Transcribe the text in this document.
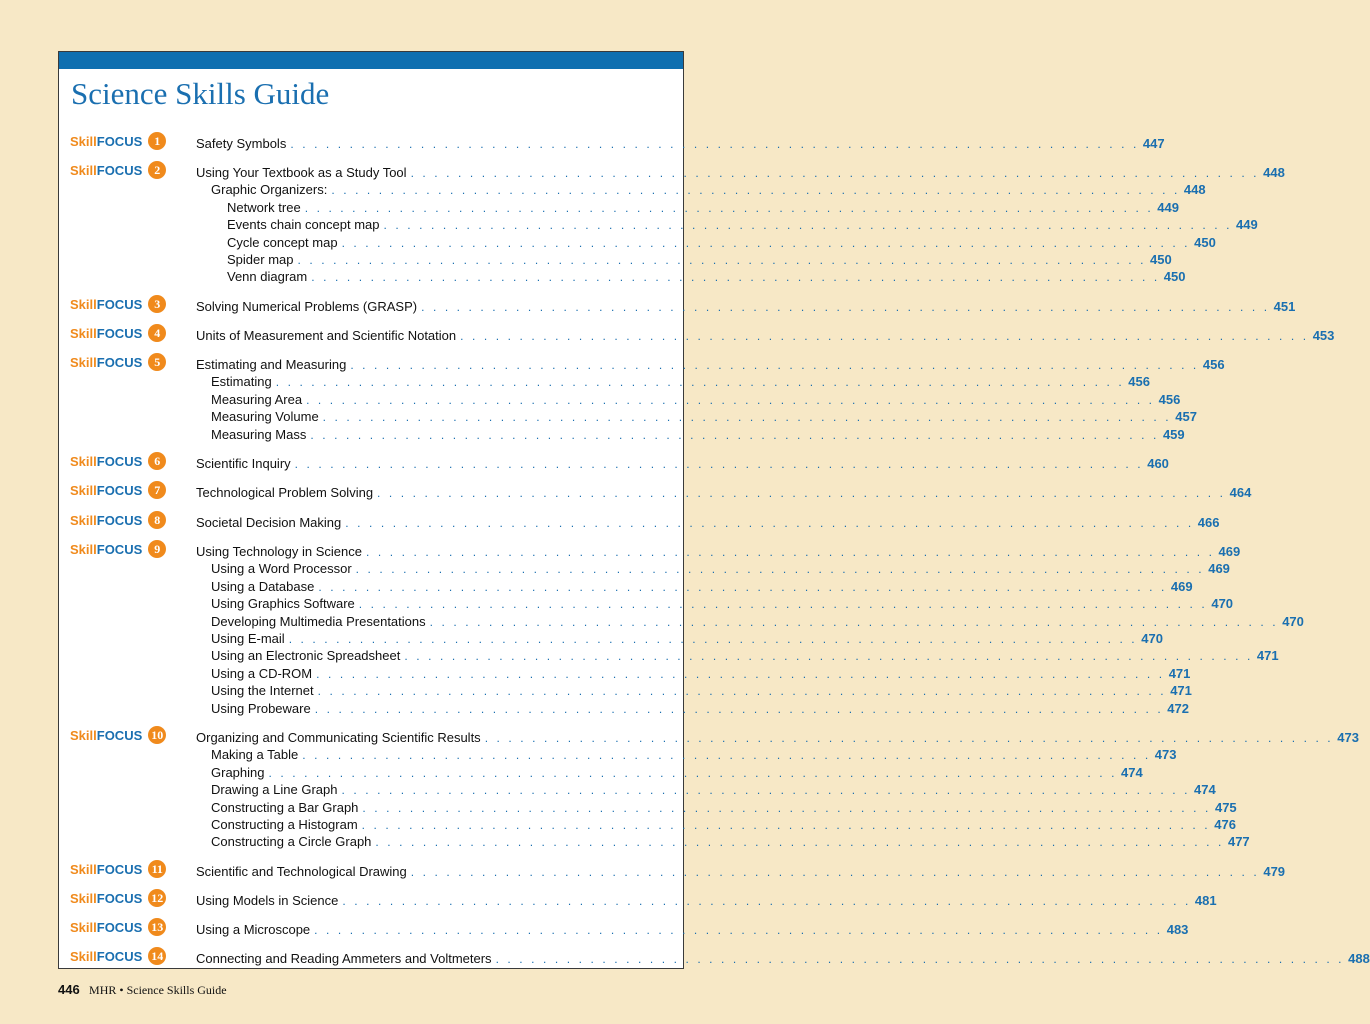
Science Skills Guide
SkillFOCUS 1	Safety Symbols . . . . . . . . . . . . . . . . . . . . . . . . . . . . . . . . . . . . . . . . . . . . . . . . . . . . . . . . . . . . . . . . . . . . . . . . 447
SkillFOCUS 2	Using Your Textbook as a Study Tool . . . . . . . . . . . . . . . . . . . . . . . . . . . . . . . . . . . . . . . . . . . . . . . . . . . . . . . . . . . . . . . . . . . . . . . . 448
Graphic Organizers: . . . . . . . . . . . . . . . . . . . . . . . . . . . . . . . . . . . . . . . . . . . . . . . . . . . . . . . . . . . . . . . . . . . . . . . . 448
Network tree . . . . . . . . . . . . . . . . . . . . . . . . . . . . . . . . . . . . . . . . . . . . . . . . . . . . . . . . . . . . . . . . . . . . . . . . 449
Events chain concept map . . . . . . . . . . . . . . . . . . . . . . . . . . . . . . . . . . . . . . . . . . . . . . . . . . . . . . . . . . . . . . . . . . . . . . . . 449
Cycle concept map . . . . . . . . . . . . . . . . . . . . . . . . . . . . . . . . . . . . . . . . . . . . . . . . . . . . . . . . . . . . . . . . . . . . . . . . 450
Spider map . . . . . . . . . . . . . . . . . . . . . . . . . . . . . . . . . . . . . . . . . . . . . . . . . . . . . . . . . . . . . . . . . . . . . . . . 450
Venn diagram . . . . . . . . . . . . . . . . . . . . . . . . . . . . . . . . . . . . . . . . . . . . . . . . . . . . . . . . . . . . . . . . . . . . . . . . 450
SkillFOCUS 3	Solving Numerical Problems (GRASP) . . . . . . . . . . . . . . . . . . . . . . . . . . . . . . . . . . . . . . . . . . . . . . . . . . . . . . . . . . . . . . . . . . . . . . . . 451
SkillFOCUS 4	Units of Measurement and Scientific Notation . . . . . . . . . . . . . . . . . . . . . . . . . . . . . . . . . . . . . . . . . . . . . . . . . . . . . . . . . . . . . . . . . . . . . . . . 453
SkillFOCUS 5	Estimating and Measuring . . . . . . . . . . . . . . . . . . . . . . . . . . . . . . . . . . . . . . . . . . . . . . . . . . . . . . . . . . . . . . . . . . . . . . . . 456
Estimating . . . . . . . . . . . . . . . . . . . . . . . . . . . . . . . . . . . . . . . . . . . . . . . . . . . . . . . . . . . . . . . . . . . . . . . . 456
Measuring Area . . . . . . . . . . . . . . . . . . . . . . . . . . . . . . . . . . . . . . . . . . . . . . . . . . . . . . . . . . . . . . . . . . . . . . . . 456
Measuring Volume . . . . . . . . . . . . . . . . . . . . . . . . . . . . . . . . . . . . . . . . . . . . . . . . . . . . . . . . . . . . . . . . . . . . . . . . 457
Measuring Mass . . . . . . . . . . . . . . . . . . . . . . . . . . . . . . . . . . . . . . . . . . . . . . . . . . . . . . . . . . . . . . . . . . . . . . . . 459
SkillFOCUS 6	Scientific Inquiry . . . . . . . . . . . . . . . . . . . . . . . . . . . . . . . . . . . . . . . . . . . . . . . . . . . . . . . . . . . . . . . . . . . . . . . . 460
SkillFOCUS 7	Technological Problem Solving . . . . . . . . . . . . . . . . . . . . . . . . . . . . . . . . . . . . . . . . . . . . . . . . . . . . . . . . . . . . . . . . . . . . . . . . 464
SkillFOCUS 8	Societal Decision Making . . . . . . . . . . . . . . . . . . . . . . . . . . . . . . . . . . . . . . . . . . . . . . . . . . . . . . . . . . . . . . . . . . . . . . . . 466
SkillFOCUS 9	Using Technology in Science . . . . . . . . . . . . . . . . . . . . . . . . . . . . . . . . . . . . . . . . . . . . . . . . . . . . . . . . . . . . . . . . . . . . . . . . 469
Using a Word Processor . . . . . . . . . . . . . . . . . . . . . . . . . . . . . . . . . . . . . . . . . . . . . . . . . . . . . . . . . . . . . . . . . . . . . . . . 469
Using a Database . . . . . . . . . . . . . . . . . . . . . . . . . . . . . . . . . . . . . . . . . . . . . . . . . . . . . . . . . . . . . . . . . . . . . . . . 469
Using Graphics Software . . . . . . . . . . . . . . . . . . . . . . . . . . . . . . . . . . . . . . . . . . . . . . . . . . . . . . . . . . . . . . . . . . . . . . . . 470
Developing Multimedia Presentations . . . . . . . . . . . . . . . . . . . . . . . . . . . . . . . . . . . . . . . . . . . . . . . . . . . . . . . . . . . . . . . . . . . . . . . . 470
Using E-mail . . . . . . . . . . . . . . . . . . . . . . . . . . . . . . . . . . . . . . . . . . . . . . . . . . . . . . . . . . . . . . . . . . . . . . . . 470
Using an Electronic Spreadsheet . . . . . . . . . . . . . . . . . . . . . . . . . . . . . . . . . . . . . . . . . . . . . . . . . . . . . . . . . . . . . . . . . . . . . . . . 471
Using a CD-ROM . . . . . . . . . . . . . . . . . . . . . . . . . . . . . . . . . . . . . . . . . . . . . . . . . . . . . . . . . . . . . . . . . . . . . . . . 471
Using the Internet . . . . . . . . . . . . . . . . . . . . . . . . . . . . . . . . . . . . . . . . . . . . . . . . . . . . . . . . . . . . . . . . . . . . . . . . 471
Using Probeware . . . . . . . . . . . . . . . . . . . . . . . . . . . . . . . . . . . . . . . . . . . . . . . . . . . . . . . . . . . . . . . . . . . . . . . . 472
SkillFOCUS 10	Organizing and Communicating Scientific Results . . . . . . . . . . . . . . . . . . . . . . . . . . . . . . . . . . . . . . . . . . . . . . . . . . . . . . . . . . . . . . . . . . . . . . . . 473
Making a Table . . . . . . . . . . . . . . . . . . . . . . . . . . . . . . . . . . . . . . . . . . . . . . . . . . . . . . . . . . . . . . . . . . . . . . . . 473
Graphing . . . . . . . . . . . . . . . . . . . . . . . . . . . . . . . . . . . . . . . . . . . . . . . . . . . . . . . . . . . . . . . . . . . . . . . . 474
Drawing a Line Graph . . . . . . . . . . . . . . . . . . . . . . . . . . . . . . . . . . . . . . . . . . . . . . . . . . . . . . . . . . . . . . . . . . . . . . . . 474
Constructing a Bar Graph . . . . . . . . . . . . . . . . . . . . . . . . . . . . . . . . . . . . . . . . . . . . . . . . . . . . . . . . . . . . . . . . . . . . . . . . 475
Constructing a Histogram . . . . . . . . . . . . . . . . . . . . . . . . . . . . . . . . . . . . . . . . . . . . . . . . . . . . . . . . . . . . . . . . . . . . . . . . 476
Constructing a Circle Graph . . . . . . . . . . . . . . . . . . . . . . . . . . . . . . . . . . . . . . . . . . . . . . . . . . . . . . . . . . . . . . . . . . . . . . . . 477
SkillFOCUS 11	Scientific and Technological Drawing . . . . . . . . . . . . . . . . . . . . . . . . . . . . . . . . . . . . . . . . . . . . . . . . . . . . . . . . . . . . . . . . . . . . . . . . 479
SkillFOCUS 12	Using Models in Science . . . . . . . . . . . . . . . . . . . . . . . . . . . . . . . . . . . . . . . . . . . . . . . . . . . . . . . . . . . . . . . . . . . . . . . . 481
SkillFOCUS 13	Using a Microscope . . . . . . . . . . . . . . . . . . . . . . . . . . . . . . . . . . . . . . . . . . . . . . . . . . . . . . . . . . . . . . . . . . . . . . . . 483
SkillFOCUS 14	Connecting and Reading Ammeters and Voltmeters . . . . . . . . . . . . . . . . . . . . . . . . . . . . . . . . . . . . . . . . . . . . . . . . . . . . . . . . . . . . . . . . . . . . . . . . 488
446 MHR • Science Skills Guide
